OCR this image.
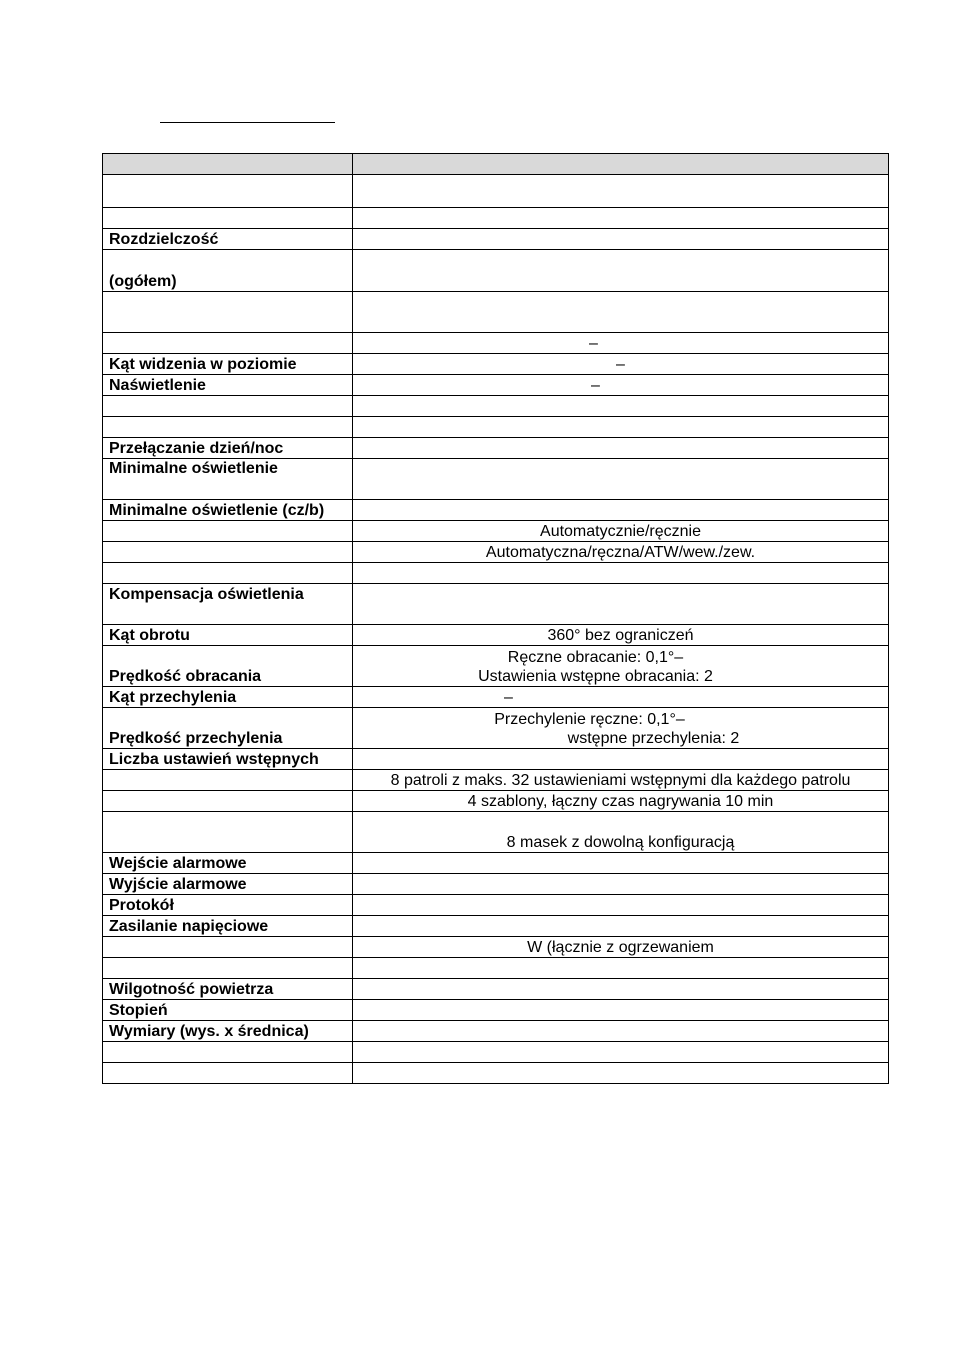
Rozdzielczość	
(ogółem)	

	–
Kąt widzenia w poziomie	–
Naświetlenie	–

Przełączanie dzień/noc	
Minimalne oświetlenie	
Minimalne oświetlenie (cz/b)	
	Automatycznie/ręcznie
	Automatyczna/ręczna/ATW/wew./zew.

Kompensacja oświetlenia	
Kąt obrotu	360° bez ograniczeń
Prędkość obracania	Ręczne obracanie: 0,1°–
Ustawienia wstępne obracania: 2

Kąt przechylenia	–
Prędkość przechylenia	Przechylenie ręczne: 0,1°–
wstępne przechylenia: 2

Liczba ustawień wstępnych	
	8 patroli z maks. 32 ustawieniami wstępnymi dla każdego patrolu
	4 szablony, łączny czas nagrywania 10 min
	8 masek z dowolną konfiguracją
Wejście alarmowe	
Wyjście alarmowe	
Protokół	
Zasilanie napięciowe	
	W (łącznie z ogrzewaniem

Wilgotność powietrza	
Stopień	
Wymiary (wys. x średnica)	
